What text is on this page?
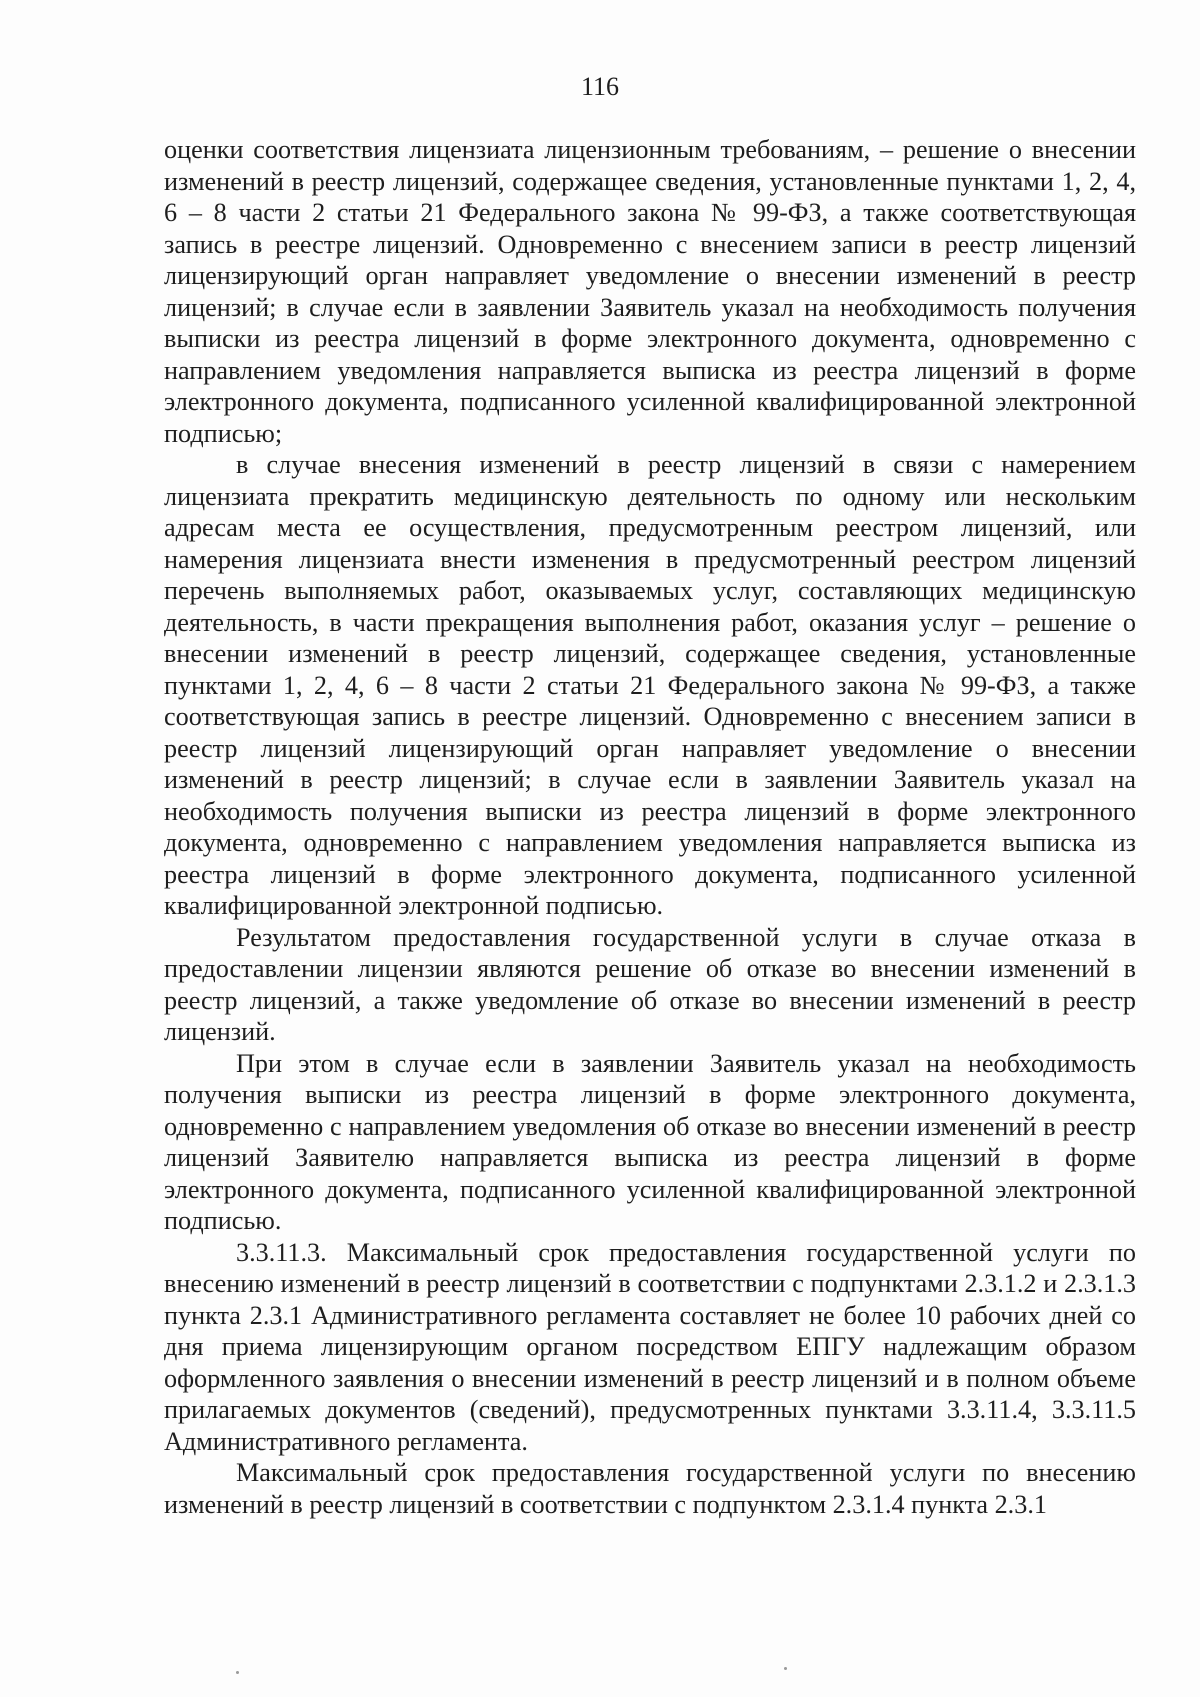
116

оценки соответствия лицензиата лицензионным требованиям, – решение о внесении изменений в реестр лицензий, содержащее сведения, установленные пунктами 1, 2, 4, 6 – 8 части 2 статьи 21 Федерального закона № 99-ФЗ, а также соответствующая запись в реестре лицензий. Одновременно с внесением записи в реестр лицензий лицензирующий орган направляет уведомление о внесении изменений в реестр лицензий; в случае если в заявлении Заявитель указал на необходимость получения выписки из реестра лицензий в форме электронного документа, одновременно с направлением уведомления направляется выписка из реестра лицензий в форме электронного документа, подписанного усиленной квалифицированной электронной подписью;

в случае внесения изменений в реестр лицензий в связи с намерением лицензиата прекратить медицинскую деятельность по одному или нескольким адресам места ее осуществления, предусмотренным реестром лицензий, или намерения лицензиата внести изменения в предусмотренный реестром лицензий перечень выполняемых работ, оказываемых услуг, составляющих медицинскую деятельность, в части прекращения выполнения работ, оказания услуг – решение о внесении изменений в реестр лицензий, содержащее сведения, установленные пунктами 1, 2, 4, 6 – 8 части 2 статьи 21 Федерального закона № 99-ФЗ, а также соответствующая запись в реестре лицензий. Одновременно с внесением записи в реестр лицензий лицензирующий орган направляет уведомление о внесении изменений в реестр лицензий; в случае если в заявлении Заявитель указал на необходимость получения выписки из реестра лицензий в форме электронного документа, одновременно с направлением уведомления направляется выписка из реестра лицензий в форме электронного документа, подписанного усиленной квалифицированной электронной подписью.

Результатом предоставления государственной услуги в случае отказа в предоставлении лицензии являются решение об отказе во внесении изменений в реестр лицензий, а также уведомление об отказе во внесении изменений в реестр лицензий.

При этом в случае если в заявлении Заявитель указал на необходимость получения выписки из реестра лицензий в форме электронного документа, одновременно с направлением уведомления об отказе во внесении изменений в реестр лицензий Заявителю направляется выписка из реестра лицензий в форме электронного документа, подписанного усиленной квалифицированной электронной подписью.

3.3.11.3. Максимальный срок предоставления государственной услуги по внесению изменений в реестр лицензий в соответствии с подпунктами 2.3.1.2 и 2.3.1.3 пункта 2.3.1 Административного регламента составляет не более 10 рабочих дней со дня приема лицензирующим органом посредством ЕПГУ надлежащим образом оформленного заявления о внесении изменений в реестр лицензий и в полном объеме прилагаемых документов (сведений), предусмотренных пунктами 3.3.11.4, 3.3.11.5 Административного регламента.

Максимальный срок предоставления государственной услуги по внесению изменений в реестр лицензий в соответствии с подпунктом 2.3.1.4 пункта 2.3.1
